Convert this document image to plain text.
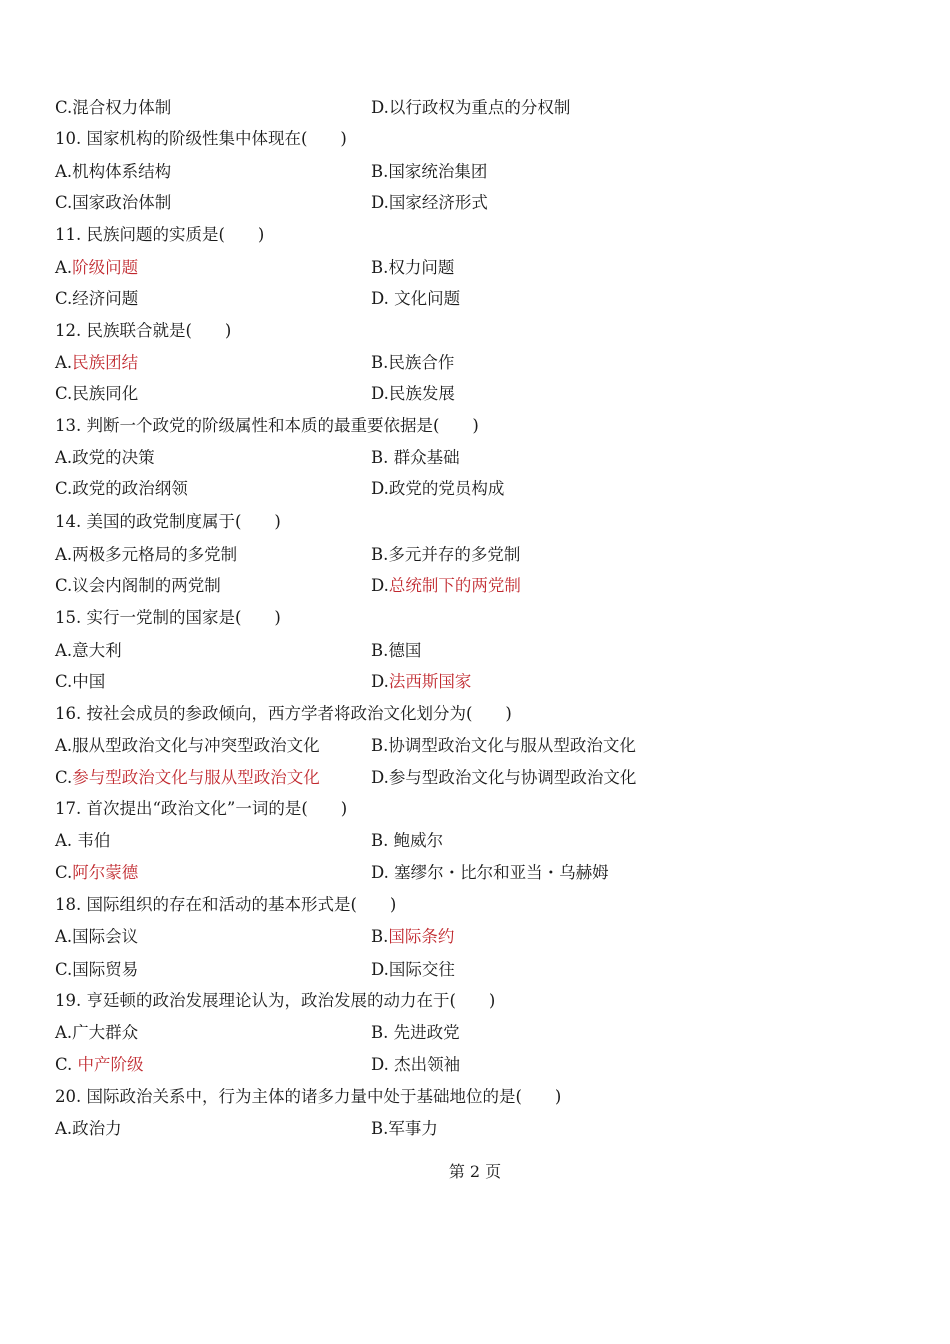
C.混合权力体制	D.以行政权为重点的分权制
10. 国家机构的阶级性集中体现在(　　)
A.机构体系结构	B.国家统治集团
C.国家政治体制	D.国家经济形式
11. 民族问题的实质是(　　)
A.阶级问题	B.权力问题
C.经济问题	D. 文化问题
12. 民族联合就是(　　)
A.民族团结	B.民族合作
C.民族同化	D.民族发展
13. 判断一个政党的阶级属性和本质的最重要依据是(　　)
A.政党的决策	B. 群众基础
C.政党的政治纲领	D.政党的党员构成
14. 美国的政党制度属于(　　)
A.两极多元格局的多党制	B.多元并存的多党制
C.议会内阁制的两党制	D.总统制下的两党制
15. 实行一党制的国家是(　　)
A.意大利	B.德国
C.中国	D.法西斯国家
16. 按社会成员的参政倾向，西方学者将政治文化划分为(　　)
A.服从型政治文化与冲突型政治文化	B.协调型政治文化与服从型政治文化
C.参与型政治文化与服从型政治文化	D.参与型政治文化与协调型政治文化
17. 首次提出“政治文化”一词的是(　　)
A. 韦伯	B. 鲍威尔
C.阿尔蒙德	D. 塞缪尔・比尔和亚当・乌赫姆
18. 国际组织的存在和活动的基本形式是(　　)
A.国际会议	B.国际条约
C.国际贸易	D.国际交往
19. 亨廷顿的政治发展理论认为，政治发展的动力在于(　　)
A.广大群众	B. 先进政党
C. 中产阶级	D. 杰出领袖
20. 国际政治关系中，行为主体的诸多力量中处于基础地位的是(　　)
A.政治力	B.军事力
第 2 页
